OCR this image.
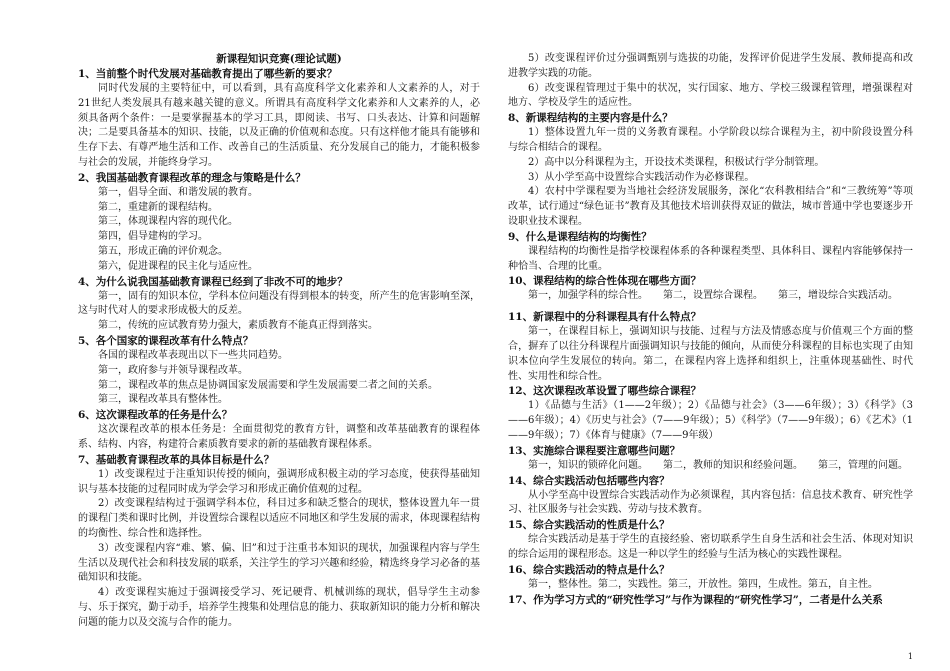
新课程知识竞赛(理论试题)

1、当前整个时代发展对基础教育提出了哪些新的要求？

同时代发展的主要特征中，可以看到，具有高度科学文化素养和人文素养的人，对于21世纪人类发展具有越来越关键的意义。所谓具有高度科学文化素养和人文素养的人，必须具备两个条件：一是要掌握基本的学习工具，即阅读、书写、口头表达、计算和问题解决；二是要具备基本的知识、技能，以及正确的价值观和态度。只有这样他才能具有能够和生存下去、有尊严地生活和工作、改善自己的生活质量、充分发展自己的能力，才能积极参与社会的发展，并能终身学习。

2、我国基础教育课程改革的理念与策略是什么？

第一，倡导全面、和谐发展的教育。
第二，重建新的课程结构。
第三，体现课程内容的现代化。
第四，倡导建构的学习。
第五，形成正确的评价观念。
第六，促进课程的民主化与适应性。

4、为什么说我国基础教育课程已经到了非改不可的地步？

第一，固有的知识本位，学科本位问题没有得到根本的转变，所产生的危害影响至深，这与时代对人的要求形成极大的反差。
第二，传统的应试教育势力强大，素质教育不能真正得到落实。

5、各个国家的课程改革有什么特点？

各国的课程改革表现出以下一些共同趋势。
第一，政府参与并领导课程改革。
第二，课程改革的焦点是协调国家发展需要和学生发展需要二者之间的关系。
第三，课程改革具有整体性。

6、这次课程改革的任务是什么？

这次课程改革的根本任务是：全面贯彻党的教育方针，调整和改革基础教育的课程体系、结构、内容，构建符合素质教育要求的新的基础教育课程体系。

7、基础教育课程改革的具体目标是什么？

1）改变课程过于注重知识传授的倾向，强调形成积极主动的学习态度，使获得基础知识与基本技能的过程同时成为学会学习和形成正确价值观的过程。
2）改变课程结构过于强调学科本位，科目过多和缺乏整合的现状，整体设置九年一贯的课程门类和课时比例，并设置综合课程以适应不同地区和学生发展的需求，体现课程结构的均衡性、综合性和选择性。
3）改变课程内容“难、繁、偏、旧”和过于注重书本知识的现状，加强课程内容与学生生活以及现代社会和科技发展的联系，关注学生的学习兴趣和经验，精选终身学习必备的基础知识和技能。
4）改变课程实施过于强调接受学习、死记硬背、机械训练的现状，倡导学生主动参与、乐于探究，勤于动手，培养学生搜集和处理信息的能力、获取新知识的能力分析和解决问题的能力以及交流与合作的能力。
5）改变课程评价过分强调甄别与选拔的功能，发挥评价促进学生发展、教师提高和改进教学实践的功能。
6）改变课程管理过于集中的状况，实行国家、地方、学校三级课程管理，增强课程对地方、学校及学生的适应性。

8、新课程结构的主要内容是什么？

1）整体设置九年一贯的义务教育课程。小学阶段以综合课程为主，初中阶段设置分科与综合相结合的课程。
2）高中以分科课程为主，开设技术类课程，积极试行学分制管理。
3）从小学至高中设置综合实践活动作为必修课程。
4）农村中学课程要为当地社会经济发展服务，深化“农科教相结合”和“三教统筹”等项改革，试行通过“绿色证书”教育及其他技术培训获得双证的做法，城市普通中学也要逐步开设职业技术课程。

9、什么是课程结构的均衡性？

课程结构的均衡性是指学校课程体系的各种课程类型、具体科目、课程内容能够保持一种恰当、合理的比重。

10、课程结构的综合性体现在哪些方面？

第一，加强学科的综合性。　　第二，设置综合课程。　　第三，增设综合实践活动。

11、新课程中的分科课程具有什么特点？

第一，在课程目标上，强调知识与技能、过程与方法及情感态度与价值观三个方面的整合，摒弃了以往分科课程片面强调知识与技能的倾向，从而使分科课程的目标也实现了由知识本位向学生发展位的转向。第二，在课程内容上选择和组织上，注重体现基础性、时代性、实用性和综合性。

12、这次课程改革设置了哪些综合课程？

1）《品德与生活》（1——2年级）；2）《品德与社会》（3——6年级）；3）《科学》（3——6年级）；4）《历史与社会》（7——9年级）；5）《科学》（7——9年级）；6）《艺术》（1——9年级）；7）《体育与健康》（7——9年级）

13、实施综合课程要注意哪些问题？

第一，知识的锁碎化问题。　　第二，教师的知识和经验问题。　　第三，管理的问题。

14、综合实践活动包括哪些内容？

从小学至高中设置综合实践活动作为必须课程，其内容包括：信息技术教育、研究性学习、社区服务与社会实践、劳动与技术教育。

15、综合实践活动的性质是什么？

综合实践活动是基于学生的直接经验、密切联系学生自身生活和社会生活、体现对知识的综合运用的课程形态。这是一种以学生的经验与生活为核心的实践性课程。

16、综合实践活动的特点是什么？

第一，整体性。第二，实践性。第三，开放性。第四，生成性。第五，自主性。

17、作为学习方式的“研究性学习”与作为课程的“研究性学习”，二者是什么关系

1
